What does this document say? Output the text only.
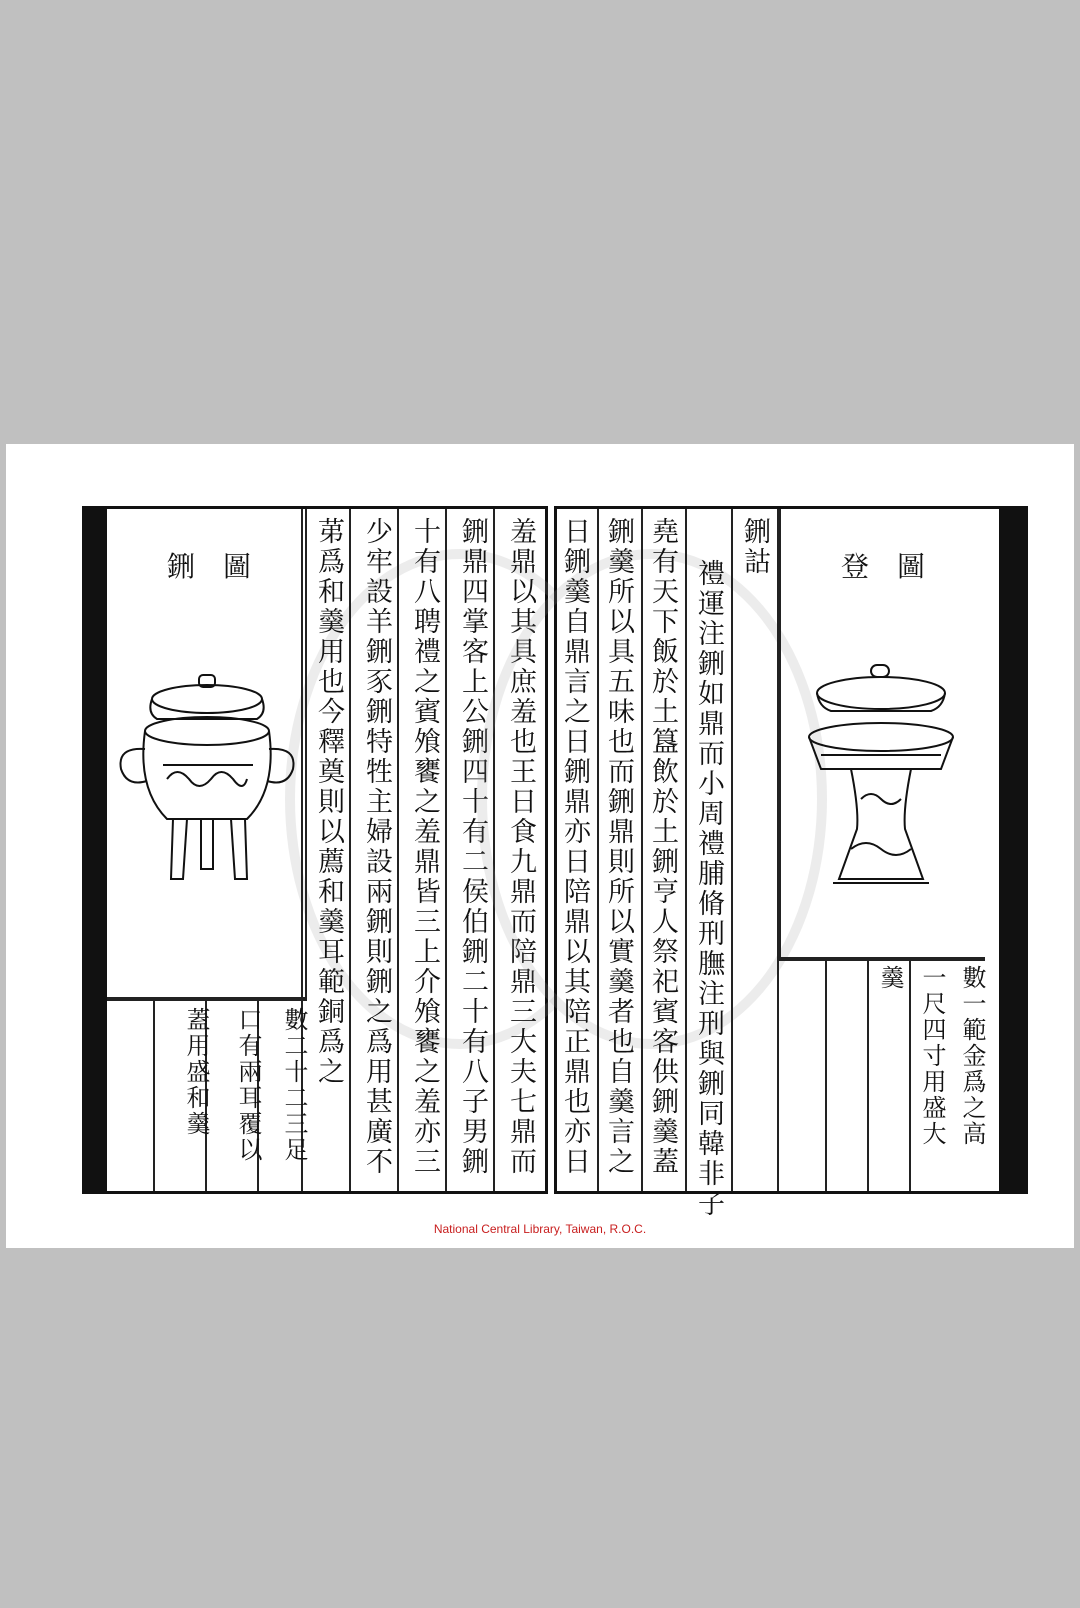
羞鼎以其具庶羞也王日食九鼎而陪鼎三大夫七鼎而
鉶鼎四掌客上公鉶四十有二侯伯鉶二十有八子男鉶
十有八聘禮之賓飧饔之羞鼎皆三上介飧饔之羞亦三
少牢設羊鉶豕鉶特牲主婦設兩鉶則鉶之爲用甚廣不
苐爲和羹用也今釋奠則以薦和羹耳範銅爲之
鉶圖
數二十二三足
口有兩耳覆以
蓋用盛和羹
鉶詁
禮運注鉶如鼎而小周禮脯脩刑膴注刑與鉶同韓非子
堯有天下飯於土簋飲於土鉶亨人祭祀賓客供鉶羹蓋
鉶羹所以具五味也而鉶鼎則所以實羹者也自羹言之
日鉶羹自鼎言之日鉶鼎亦日陪鼎以其陪正鼎也亦日	登圖
數一範金爲之高
一尺四寸用盛大
羹
National Central Library, Taiwan, R.O.C.
